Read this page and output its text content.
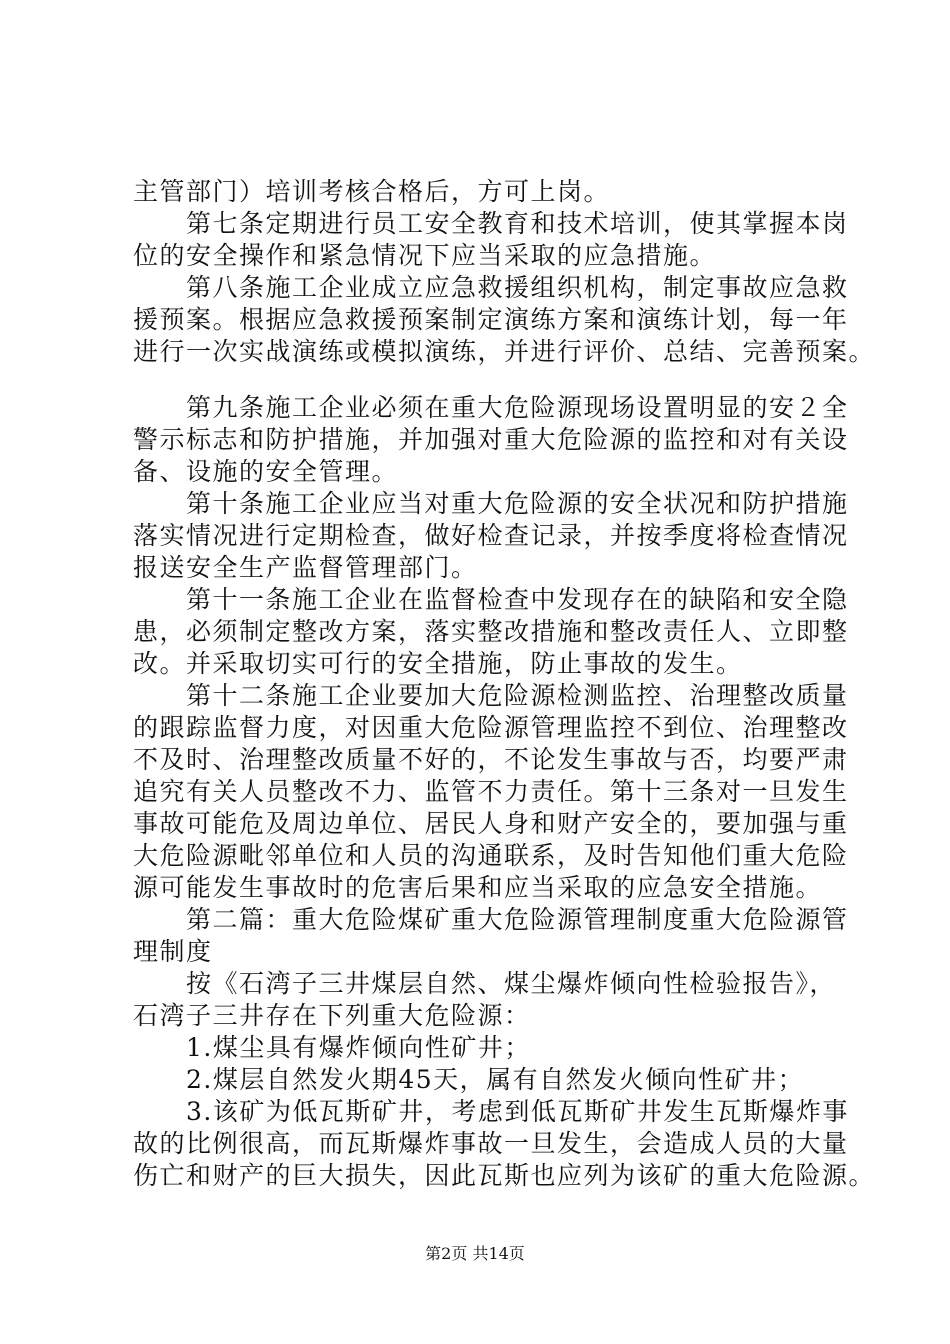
主管部门）培训考核合格后，方可上岗。
　　第七条定期进行员工安全教育和技术培训，使其掌握本岗
位的安全操作和紧急情况下应当采取的应急措施。
　　第八条施工企业成立应急救援组织机构，制定事故应急救
援预案。根据应急救援预案制定演练方案和演练计划，每一年
进行一次实战演练或模拟演练，并进行评价、总结、完善预案。
　　第九条施工企业必须在重大危险源现场设置明显的安２全
警示标志和防护措施，并加强对重大危险源的监控和对有关设
备、设施的安全管理。
　　第十条施工企业应当对重大危险源的安全状况和防护措施
落实情况进行定期检查，做好检查记录，并按季度将检查情况
报送安全生产监督管理部门。
　　第十一条施工企业在监督检查中发现存在的缺陷和安全隐
患，必须制定整改方案，落实整改措施和整改责任人、立即整
改。并采取切实可行的安全措施，防止事故的发生。
　　第十二条施工企业要加大危险源检测监控、治理整改质量
的跟踪监督力度，对因重大危险源管理监控不到位、治理整改
不及时、治理整改质量不好的，不论发生事故与否，均要严肃
追究有关人员整改不力、监管不力责任。第十三条对一旦发生
事故可能危及周边单位、居民人身和财产安全的，要加强与重
大危险源毗邻单位和人员的沟通联系，及时告知他们重大危险
源可能发生事故时的危害后果和应当采取的应急安全措施。
　　第二篇：重大危险煤矿重大危险源管理制度重大危险源管
理制度
　　按《石湾子三井煤层自然、煤尘爆炸倾向性检验报告》，
石湾子三井存在下列重大危险源：
　　1.煤尘具有爆炸倾向性矿井；
　　2.煤层自然发火期45天，属有自然发火倾向性矿井；
　　3.该矿为低瓦斯矿井，考虑到低瓦斯矿井发生瓦斯爆炸事
故的比例很高，而瓦斯爆炸事故一旦发生，会造成人员的大量
伤亡和财产的巨大损失，因此瓦斯也应列为该矿的重大危险源。
第2页 共14页
